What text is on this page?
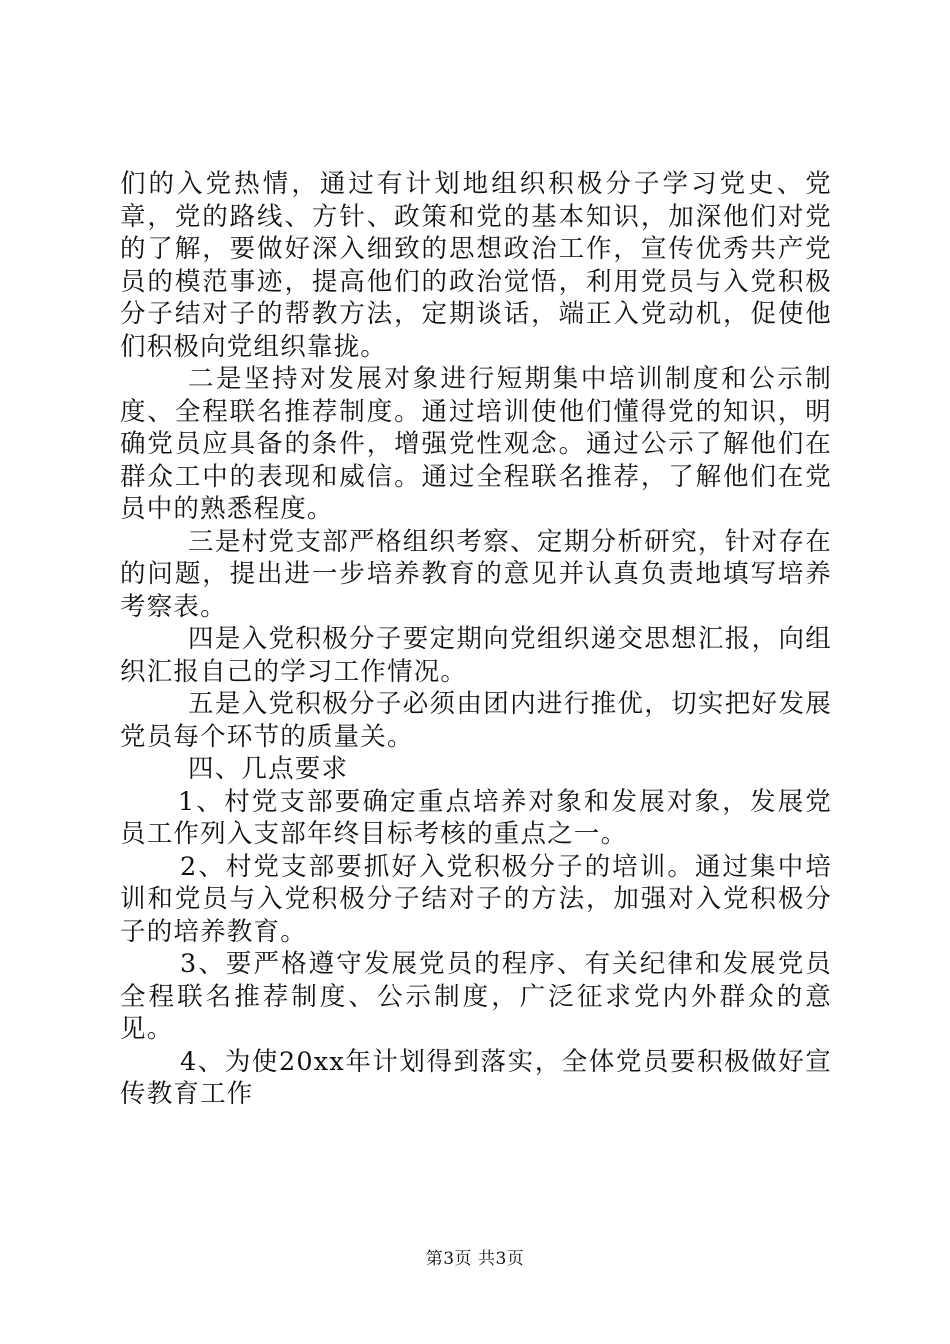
们的入党热情，通过有计划地组织积极分子学习党史、党章，党的路线、方针、政策和党的基本知识，加深他们对党的了解，要做好深入细致的思想政治工作，宣传优秀共产党员的模范事迹，提高他们的政治觉悟，利用党员与入党积极分子结对子的帮教方法，定期谈话，端正入党动机，促使他们积极向党组织靠拢。

二是坚持对发展对象进行短期集中培训制度和公示制度、全程联名推荐制度。通过培训使他们懂得党的知识，明确党员应具备的条件，增强党性观念。通过公示了解他们在群众工中的表现和威信。通过全程联名推荐，了解他们在党员中的熟悉程度。

三是村党支部严格组织考察、定期分析研究，针对存在的问题，提出进一步培养教育的意见并认真负责地填写培养考察表。

四是入党积极分子要定期向党组织递交思想汇报，向组织汇报自己的学习工作情况。

五是入党积极分子必须由团内进行推优，切实把好发展党员每个环节的质量关。

四、几点要求

1、村党支部要确定重点培养对象和发展对象，发展党员工作列入支部年终目标考核的重点之一。

2、村党支部要抓好入党积极分子的培训。通过集中培训和党员与入党积极分子结对子的方法，加强对入党积极分子的培养教育。

3、要严格遵守发展党员的程序、有关纪律和发展党员全程联名推荐制度、公示制度，广泛征求党内外群众的意见。

4、为使20xx年计划得到落实，全体党员要积极做好宣传教育工作

第3页 共3页
